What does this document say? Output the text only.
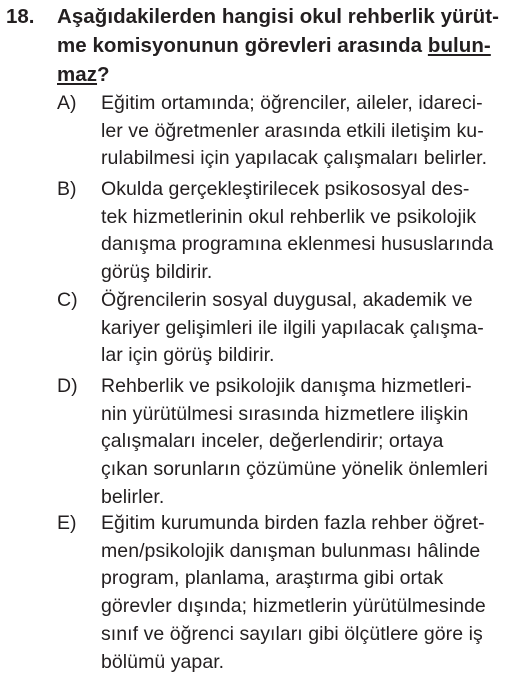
18. Aşağıdakilerden hangisi okul rehberlik yürüt-
me komisyonunun görevleri arasında bulun-
maz?
A) Eğitim ortamında; öğrenciler, aileler, idareci-
ler ve öğretmenler arasında etkili iletişim ku-
rulabilmesi için yapılacak çalışmaları belirler.
B) Okulda gerçekleştirilecek psikososyal des-
tek hizmetlerinin okul rehberlik ve psikolojik
danışma programına eklenmesi hususlarında
görüş bildirir.
C) Öğrencilerin sosyal duygusal, akademik ve
kariyer gelişimleri ile ilgili yapılacak çalışma-
lar için görüş bildirir.
D) Rehberlik ve psikolojik danışma hizmetleri-
nin yürütülmesi sırasında hizmetlere ilişkin
çalışmaları inceler, değerlendirir; ortaya
çıkan sorunların çözümüne yönelik önlemleri
belirler.
E) Eğitim kurumunda birden fazla rehber öğret-
men/psikolojik danışman bulunması hâlinde
program, planlama, araştırma gibi ortak
görevler dışında; hizmetlerin yürütülmesinde
sınıf ve öğrenci sayıları gibi ölçütlere göre iş
bölümü yapar.
